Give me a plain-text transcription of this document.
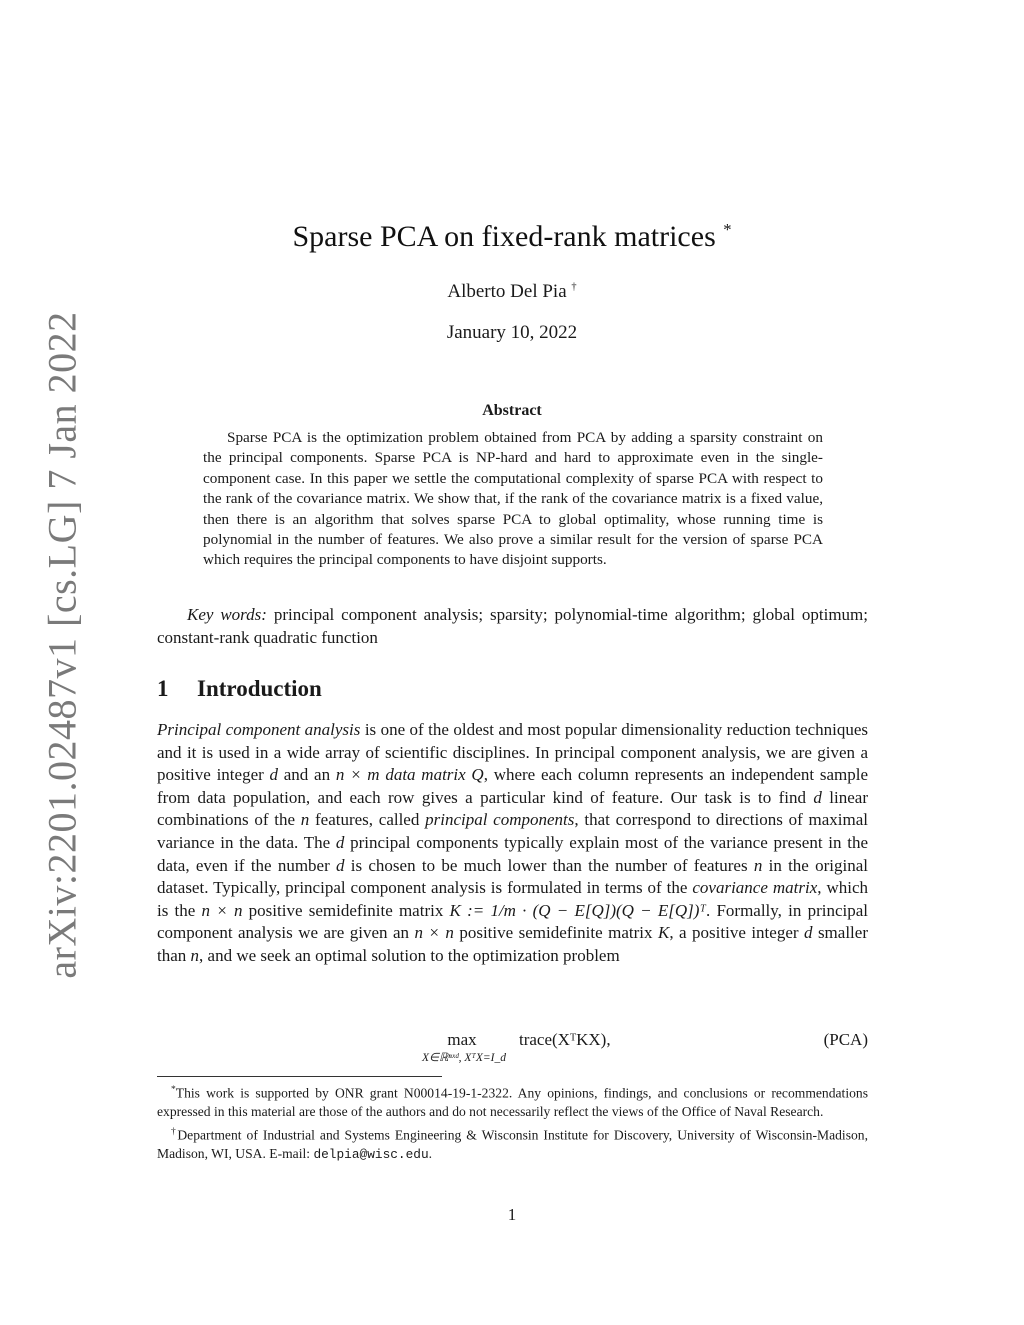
arXiv:2201.02487v1 [cs.LG] 7 Jan 2022
Sparse PCA on fixed-rank matrices *
Alberto Del Pia †
January 10, 2022
Abstract
Sparse PCA is the optimization problem obtained from PCA by adding a sparsity constraint on the principal components. Sparse PCA is NP-hard and hard to approximate even in the single-component case. In this paper we settle the computational complexity of sparse PCA with respect to the rank of the covariance matrix. We show that, if the rank of the covariance matrix is a fixed value, then there is an algorithm that solves sparse PCA to global optimality, whose running time is polynomial in the number of features. We also prove a similar result for the version of sparse PCA which requires the principal components to have disjoint supports.
Key words: principal component analysis; sparsity; polynomial-time algorithm; global optimum; constant-rank quadratic function
1 Introduction
Principal component analysis is one of the oldest and most popular dimensionality reduction techniques and it is used in a wide array of scientific disciplines. In principal component analysis, we are given a positive integer d and an n × m data matrix Q, where each column represents an independent sample from data population, and each row gives a particular kind of feature. Our task is to find d linear combinations of the n features, called principal components, that correspond to directions of maximal variance in the data. The d principal components typically explain most of the variance present in the data, even if the number d is chosen to be much lower than the number of features n in the original dataset. Typically, principal component analysis is formulated in terms of the covariance matrix, which is the n × n positive semidefinite matrix K := 1/m · (Q − E[Q])(Q − E[Q])ᵀ. Formally, in principal component analysis we are given an n × n positive semidefinite matrix K, a positive integer d smaller than n, and we seek an optimal solution to the optimization problem
max
X∈ℝⁿˣᵈ, XᵀX=I_d
trace(XᵀKX),	(PCA)

*This work is supported by ONR grant N00014-19-1-2322. Any opinions, findings, and conclusions or recommendations expressed in this material are those of the authors and do not necessarily reflect the views of the Office of Naval Research.

†Department of Industrial and Systems Engineering & Wisconsin Institute for Discovery, University of Wisconsin-Madison, Madison, WI, USA. E-mail: delpia@wisc.edu.

1
